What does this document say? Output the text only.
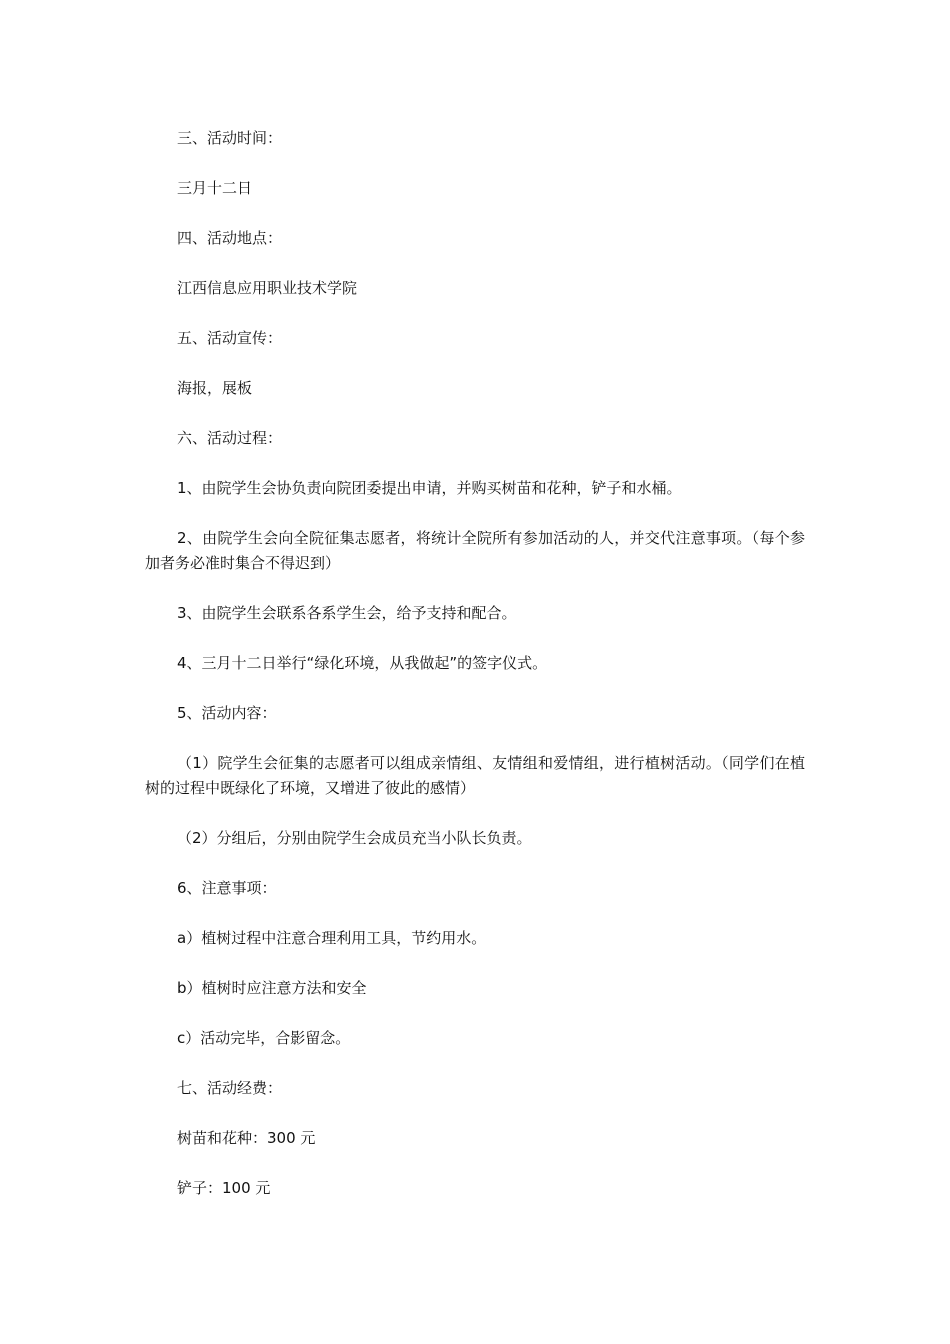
三、活动时间：

三月十二日

四、活动地点：

江西信息应用职业技术学院

五、活动宣传：

海报，展板

六、活动过程：

1、由院学生会协负责向院团委提出申请，并购买树苗和花种，铲子和水桶。

2、由院学生会向全院征集志愿者，将统计全院所有参加活动的人，并交代注意事项。（每个参加者务必准时集合不得迟到）

3、由院学生会联系各系学生会，给予支持和配合。

4、三月十二日举行“绿化环境，从我做起”的签字仪式。

5、活动内容：

（1）院学生会征集的志愿者可以组成亲情组、友情组和爱情组，进行植树活动。（同学们在植树的过程中既绿化了环境，又增进了彼此的感情）

（2）分组后，分别由院学生会成员充当小队长负责。

6、注意事项：

a）植树过程中注意合理利用工具，节约用水。

b）植树时应注意方法和安全

c）活动完毕，合影留念。

七、活动经费：

树苗和花种：300 元

铲子：100 元
